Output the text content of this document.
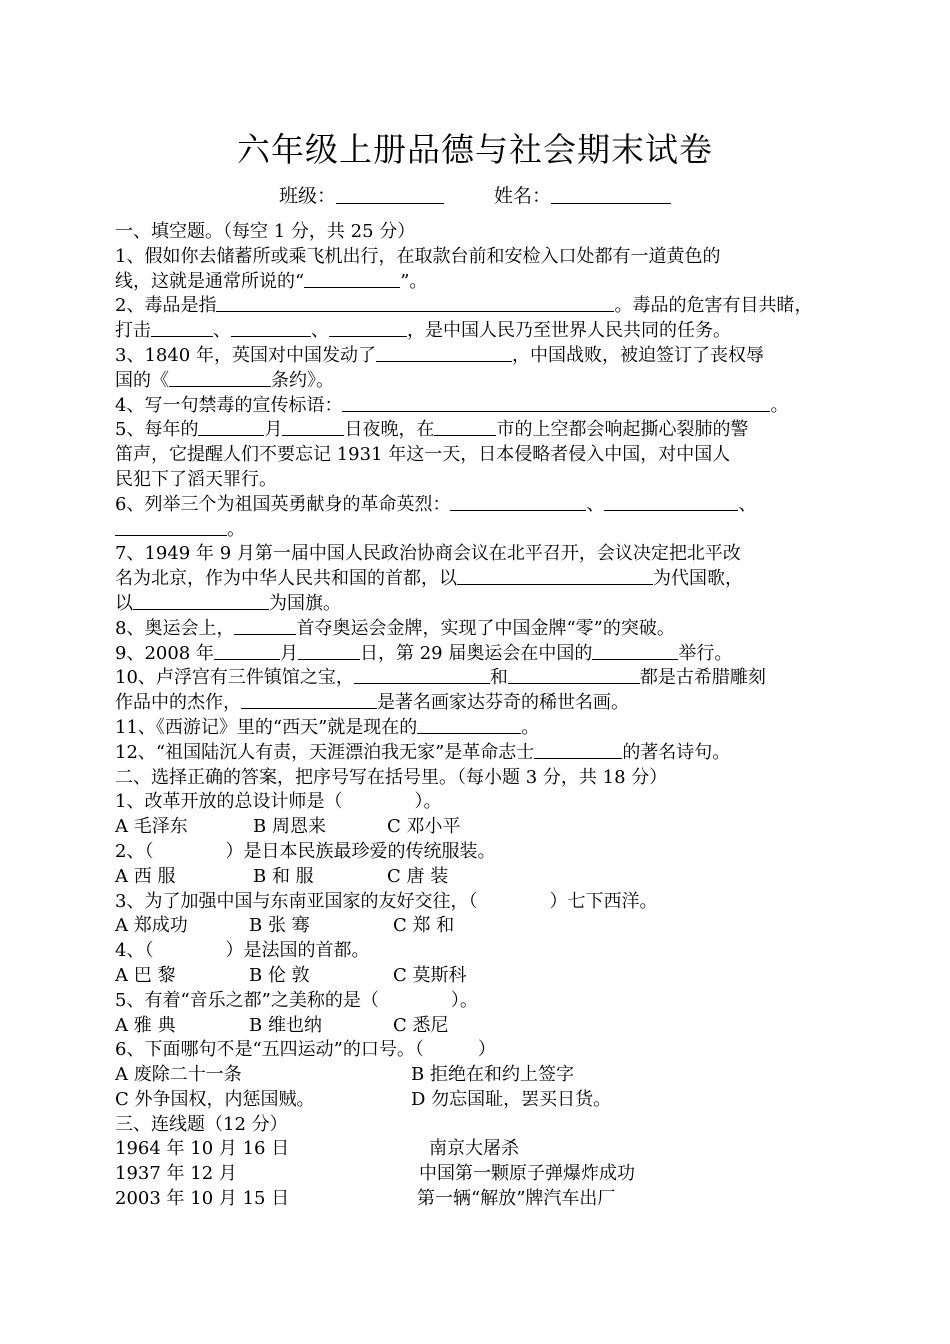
六年级上册品德与社会期末试卷
班级：	姓名：
一、填空题。（每空 1 分，共 25 分）
1、假如你去储蓄所或乘飞机出行，在取款台前和安检入口处都有一道黄色的
线，这就是通常所说的“	”。
2、毒品是指	。毒品的危害有目共睹，
打击	、	、	，是中国人民乃至世界人民共同的任务。
3、1840 年，英国对中国发动了	，中国战败，被迫签订了丧权辱
国的《	条约》。
4、写一句禁毒的宣传标语：	。
5、每年的	月	日夜晚，在	市的上空都会响起撕心裂肺的警
笛声，它提醒人们不要忘记 1931 年这一天，日本侵略者侵入中国，对中国人
民犯下了滔天罪行。
6、列举三个为祖国英勇献身的革命英烈：	、	、
。
7、1949 年 9 月第一届中国人民政治协商会议在北平召开，会议决定把北平改
名为北京，作为中华人民共和国的首都，以	为代国歌，
以	为国旗。
8、奥运会上，	首夺奥运会金牌，实现了中国金牌“零”的突破。
9、2008 年	月	日，第 29 届奥运会在中国的	举行。
10、卢浮宫有三件镇馆之宝，	和	都是古希腊雕刻
作品中的杰作，	是著名画家达芬奇的稀世名画。
11、《西游记》里的“西天”就是现在的	。
12、“祖国陆沉人有责，天涯漂泊我无家”是革命志士	的著名诗句。
二、选择正确的答案，把序号写在括号里。（每小题 3 分，共 18 分）
1、改革开放的总设计师是（　　　　）。
A 毛泽东	B 周恩来	C 邓小平
2、（　　　　）是日本民族最珍爱的传统服装。
A 西 服	B 和 服	C 唐 装
3、为了加强中国与东南亚国家的友好交往，（　　　　）七下西洋。
A 郑成功	B 张 骞	C 郑 和
4、（　　　　）是法国的首都。
A 巴 黎	B 伦 敦	C 莫斯科
5、有着“音乐之都”之美称的是（　　　　）。
A 雅 典	B 维也纳	C 悉尼
6、下面哪句不是“五四运动”的口号。（　　　）
A 废除二十一条	B 拒绝在和约上签字
C 外争国权，内惩国贼。	D 勿忘国耻，罢买日货。
三、连线题（12 分）
1964 年 10 月 16 日	南京大屠杀
1937 年 12 月	中国第一颗原子弹爆炸成功
2003 年 10 月 15 日	第一辆“解放”牌汽车出厂
